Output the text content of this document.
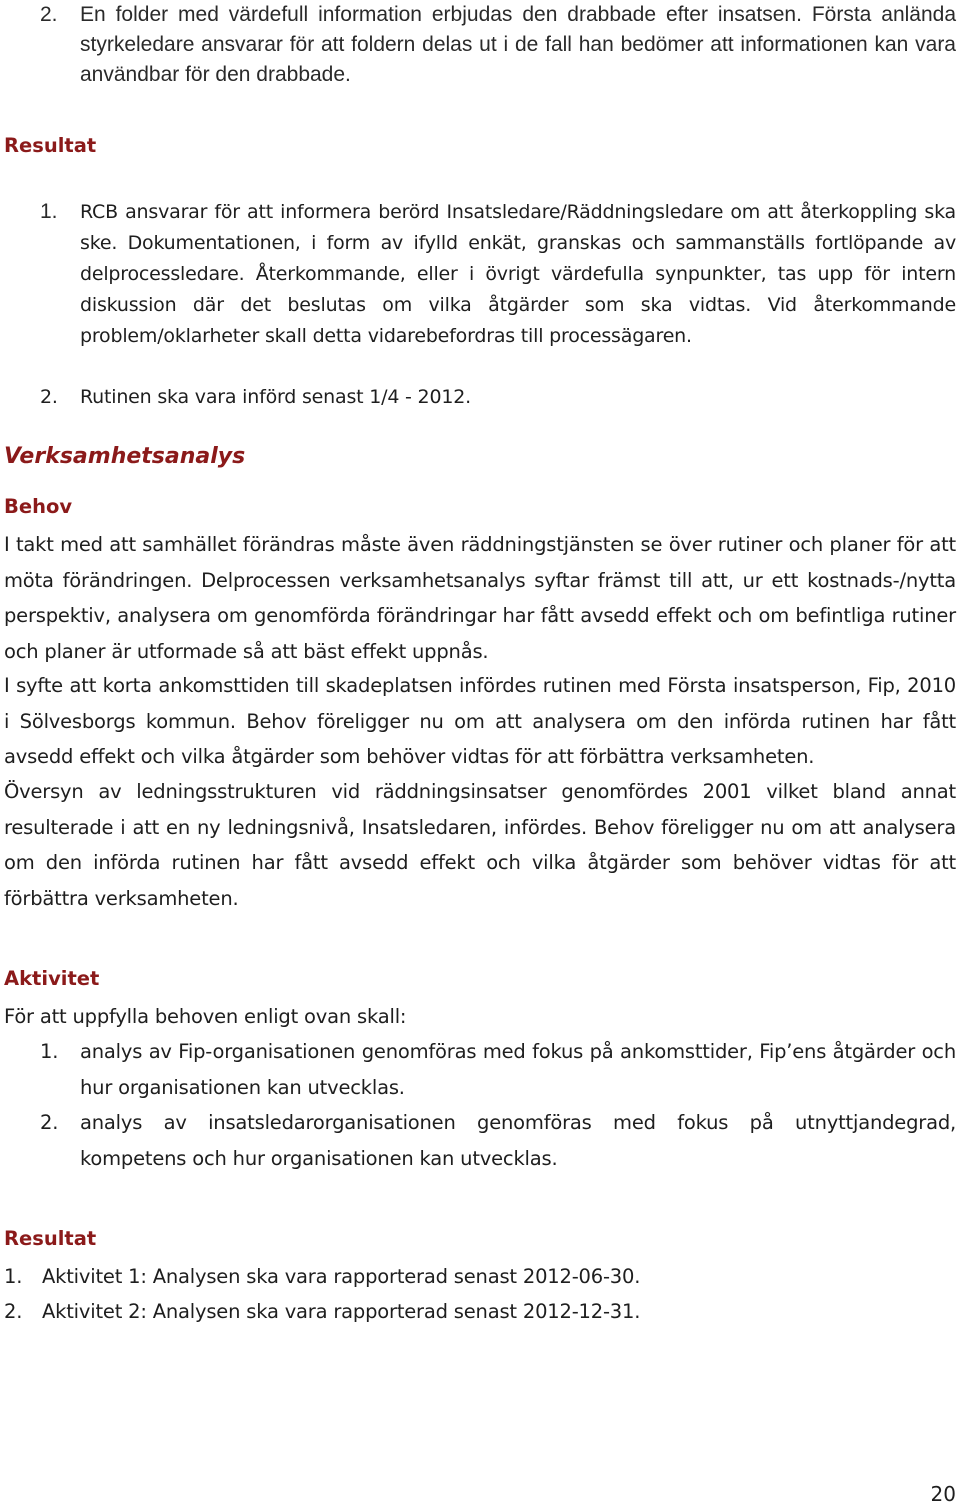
2. En folder med värdefull information erbjudas den drabbade efter insatsen. Första anlända styrkeledare ansvarar för att foldern delas ut i de fall han bedömer att informationen kan vara användbar för den drabbade.
Resultat
1. RCB ansvarar för att informera berörd Insatsledare/Räddningsledare om att återkoppling ska ske. Dokumentationen, i form av ifylld enkät, granskas och sammanställs fortlöpande av delprocessledare. Återkommande, eller i övrigt värdefulla synpunkter, tas upp för intern diskussion där det beslutas om vilka åtgärder som ska vidtas. Vid återkommande problem/oklarheter skall detta vidarebefordras till processägaren.
2. Rutinen ska vara införd senast 1/4 - 2012.
Verksamhetsanalys
Behov
I takt med att samhället förändras måste även räddningstjänsten se över rutiner och planer för att möta förändringen. Delprocessen verksamhetsanalys syftar främst till att, ur ett kostnads-/nytta perspektiv, analysera om genomförda förändringar har fått avsedd effekt och om befintliga rutiner och planer är utformade så att bäst effekt uppnås.
I syfte att korta ankomsttiden till skadeplatsen infördes rutinen med Första insatsperson, Fip, 2010 i Sölvesborgs kommun. Behov föreligger nu om att analysera om den införda rutinen har fått avsedd effekt och vilka åtgärder som behöver vidtas för att förbättra verksamheten.
Översyn av ledningsstrukturen vid räddningsinsatser genomfördes 2001 vilket bland annat resulterade i att en ny ledningsnivå, Insatsledaren, infördes. Behov föreligger nu om att analysera om den införda rutinen har fått avsedd effekt och vilka åtgärder som behöver vidtas för att förbättra verksamheten.
Aktivitet
För att uppfylla behoven enligt ovan skall:
1. analys av Fip-organisationen genomföras med fokus på ankomsttider, Fip’ens åtgärder och hur organisationen kan utvecklas.
2. analys av insatsledarorganisationen genomföras med fokus på utnyttjandegrad, kompetens och hur organisationen kan utvecklas.
Resultat
1. Aktivitet 1: Analysen ska vara rapporterad senast 2012-06-30.
2. Aktivitet 2: Analysen ska vara rapporterad senast 2012-12-31.
20
